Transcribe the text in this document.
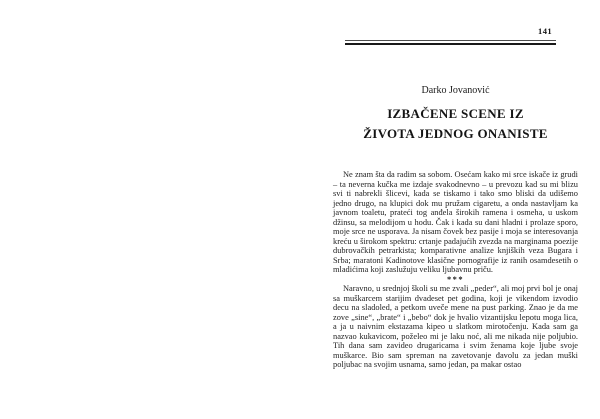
141
Darko Jovanović
IZBAČENE SCENE IZ
ŽIVOTA JEDNOG ONANISTE

Ne znam šta da radim sa sobom. Osećam kako mi srce iskače iz grudi – ta neverna kučka me izdaje svakodnevno – u prevozu kad su mi blizu svi ti nabrekli šlicevi, kada se tiskamo i tako smo bliski da udišemo jedno drugo, na klupici dok mu pružam cigaretu, a onda nastavljam ka javnom toaletu, prateći tog anđela širokih ramena i osmeha, u uskom džinsu, sa melodijom u hodu. Čak i kada su dani hladni i prolaze sporo, moje srce ne usporava. Ja nisam čovek bez pasije i moja se interesovanja kreću u širokom spektru: crtanje padajućih zvezda na marginama poezije dubrovačkih petrarkista; komparativne analize knjiških veza Bugara i Srba; maratoni Kadinotove klasične pornografije iz ranih osamdesetih o mladićima koji zaslužuju veliku ljubavnu priču.

***

Naravno, u srednjoj školi su me zvali „peder“, ali moj prvi bol je onaj sa muškarcem starijim dvadeset pet godina, koji je vikendom izvodio decu na sladoled, a petkom uveče mene na pust parking. Znao je da me zove „sine“, „brate“ i „bebo“ dok je hvalio vizantijsku lepotu moga lica, a ja u naivnim ekstazama kipeo u slatkom mirotočenju. Kada sam ga nazvao kukavicom, poželeo mi je laku noć, ali me nikada nije poljubio. Tih dana sam zavideo drugaricama i svim ženama koje ljube svoje muškarce. Bio sam spreman na zavetovanje đavolu za jedan muški poljubac na svojim usnama, samo jedan, pa makar ostao
